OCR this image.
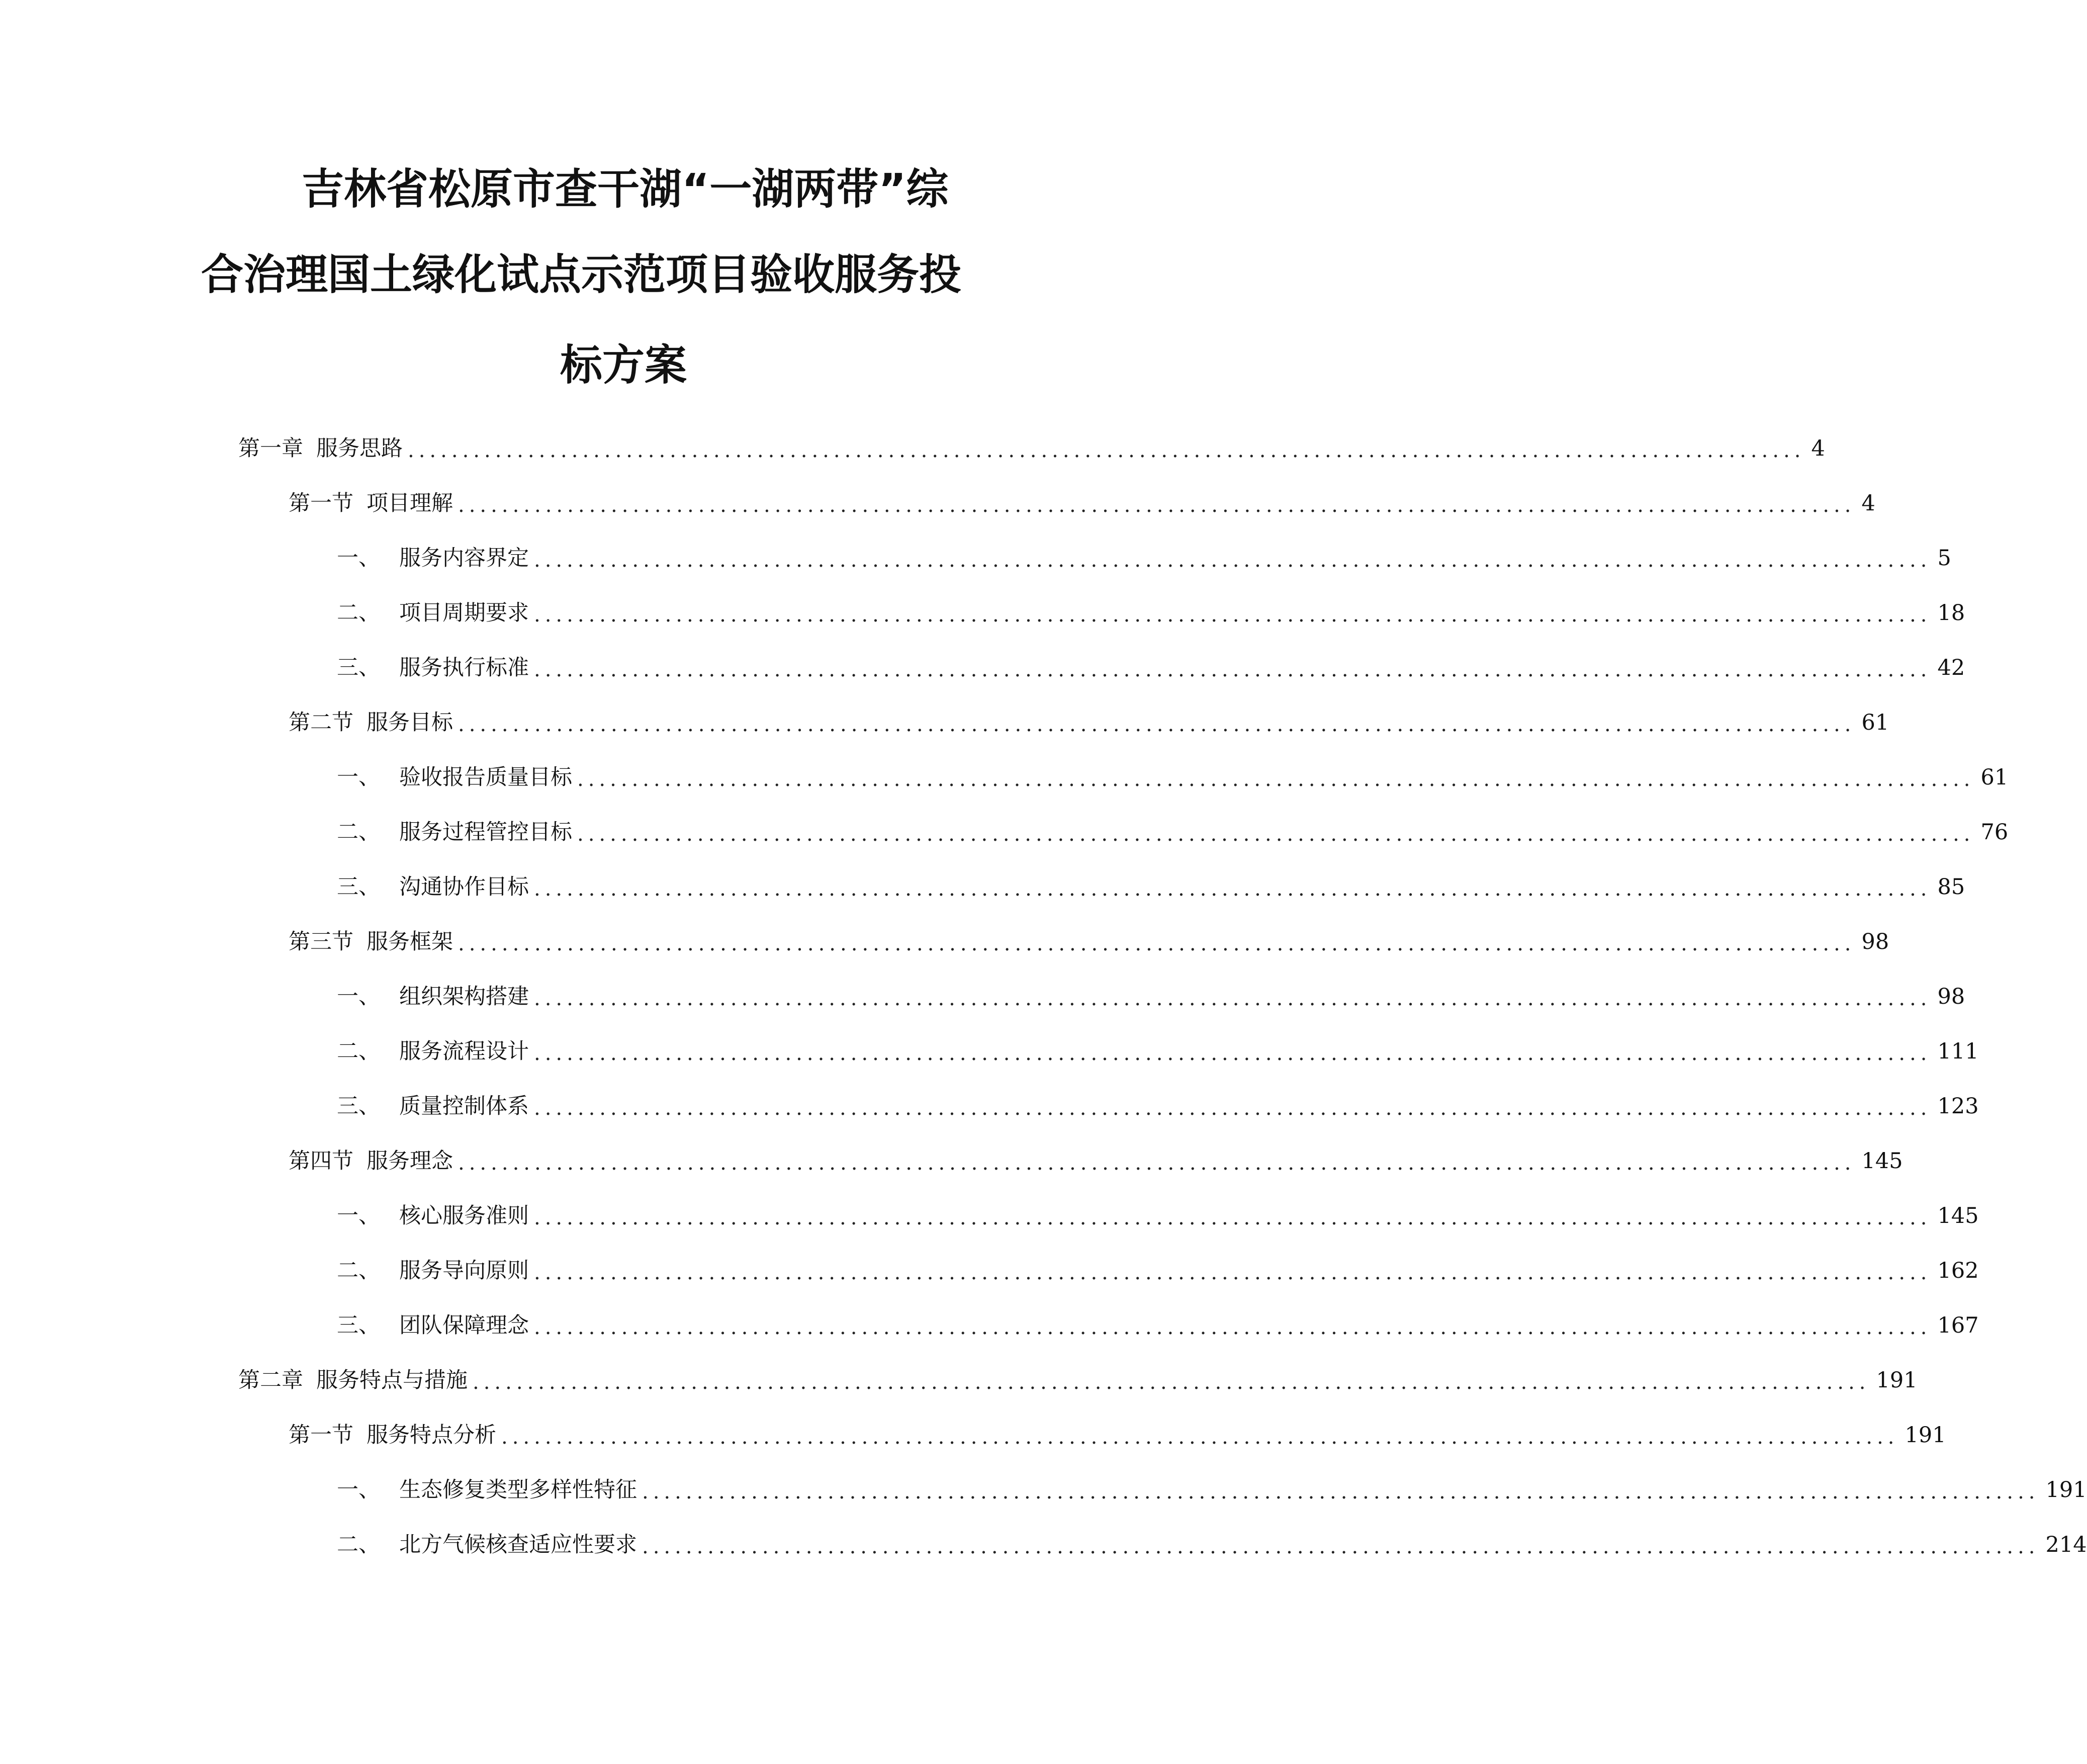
吉林省松原市查干湖“一湖两带”综
合治理国土绿化试点示范项目验收服务投
标方案
第一章 服务思路 ................................................................................................................................ 4
第一节 项目理解 ................................................................................................................................ 4
一、 服务内容界定 ................................................................................................................................ 5
二、 项目周期要求 ................................................................................................................................ 18
三、 服务执行标准 ................................................................................................................................ 42
第二节 服务目标 ................................................................................................................................ 61
一、 验收报告质量目标 ................................................................................................................................ 61
二、 服务过程管控目标 ................................................................................................................................ 76
三、 沟通协作目标 ................................................................................................................................ 85
第三节 服务框架 ................................................................................................................................ 98
一、 组织架构搭建 ................................................................................................................................ 98
二、 服务流程设计 ................................................................................................................................ 111
三、 质量控制体系 ................................................................................................................................ 123
第四节 服务理念 ................................................................................................................................ 145
一、 核心服务准则 ................................................................................................................................ 145
二、 服务导向原则 ................................................................................................................................ 162
三、 团队保障理念 ................................................................................................................................ 167
第二章 服务特点与措施 ................................................................................................................................ 191
第一节 服务特点分析 ................................................................................................................................ 191
一、 生态修复类型多样性特征 ................................................................................................................................ 191
二、 北方气候核查适应性要求 ................................................................................................................................ 214
